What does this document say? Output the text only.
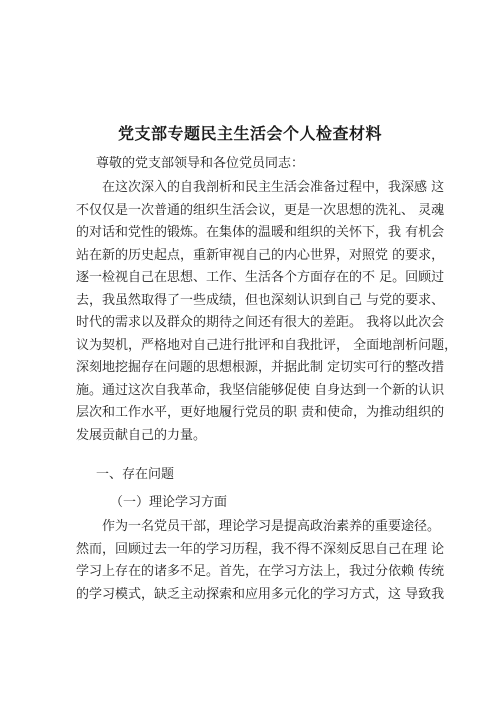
党支部专题民主生活会个人检查材料

尊敬的党支部领导和各位党员同志：

　　在这次深入的自我剖析和民主生活会准备过程中，我深感 这
不仅仅是一次普通的组织生活会议，更是一次思想的洗礼、 灵魂
的对话和党性的锻炼。在集体的温暖和组织的关怀下，我 有机会
站在新的历史起点，重新审视自己的内心世界，对照党 的要求，
逐一检视自己在思想、工作、生活各个方面存在的不 足。回顾过
去，我虽然取得了一些成绩，但也深刻认识到自己 与党的要求、
时代的需求以及群众的期待之间还有很大的差距。 我将以此次会
议为契机，严格地对自己进行批评和自我批评， 全面地剖析问题，
深刻地挖掘存在问题的思想根源，并据此制 定切实可行的整改措
施。通过这次自我革命，我坚信能够促使 自身达到一个新的认识
层次和工作水平，更好地履行党员的职 责和使命，为推动组织的
发展贡献自己的力量。

一、存在问题

（一）理论学习方面

　　作为一名党员干部，理论学习是提高政治素养的重要途径。
然而，回顾过去一年的学习历程，我不得不深刻反思自己在理 论
学习上存在的诸多不足。首先，在学习方法上，我过分依赖 传统
的学习模式，缺乏主动探索和应用多元化的学习方式，这 导致我
